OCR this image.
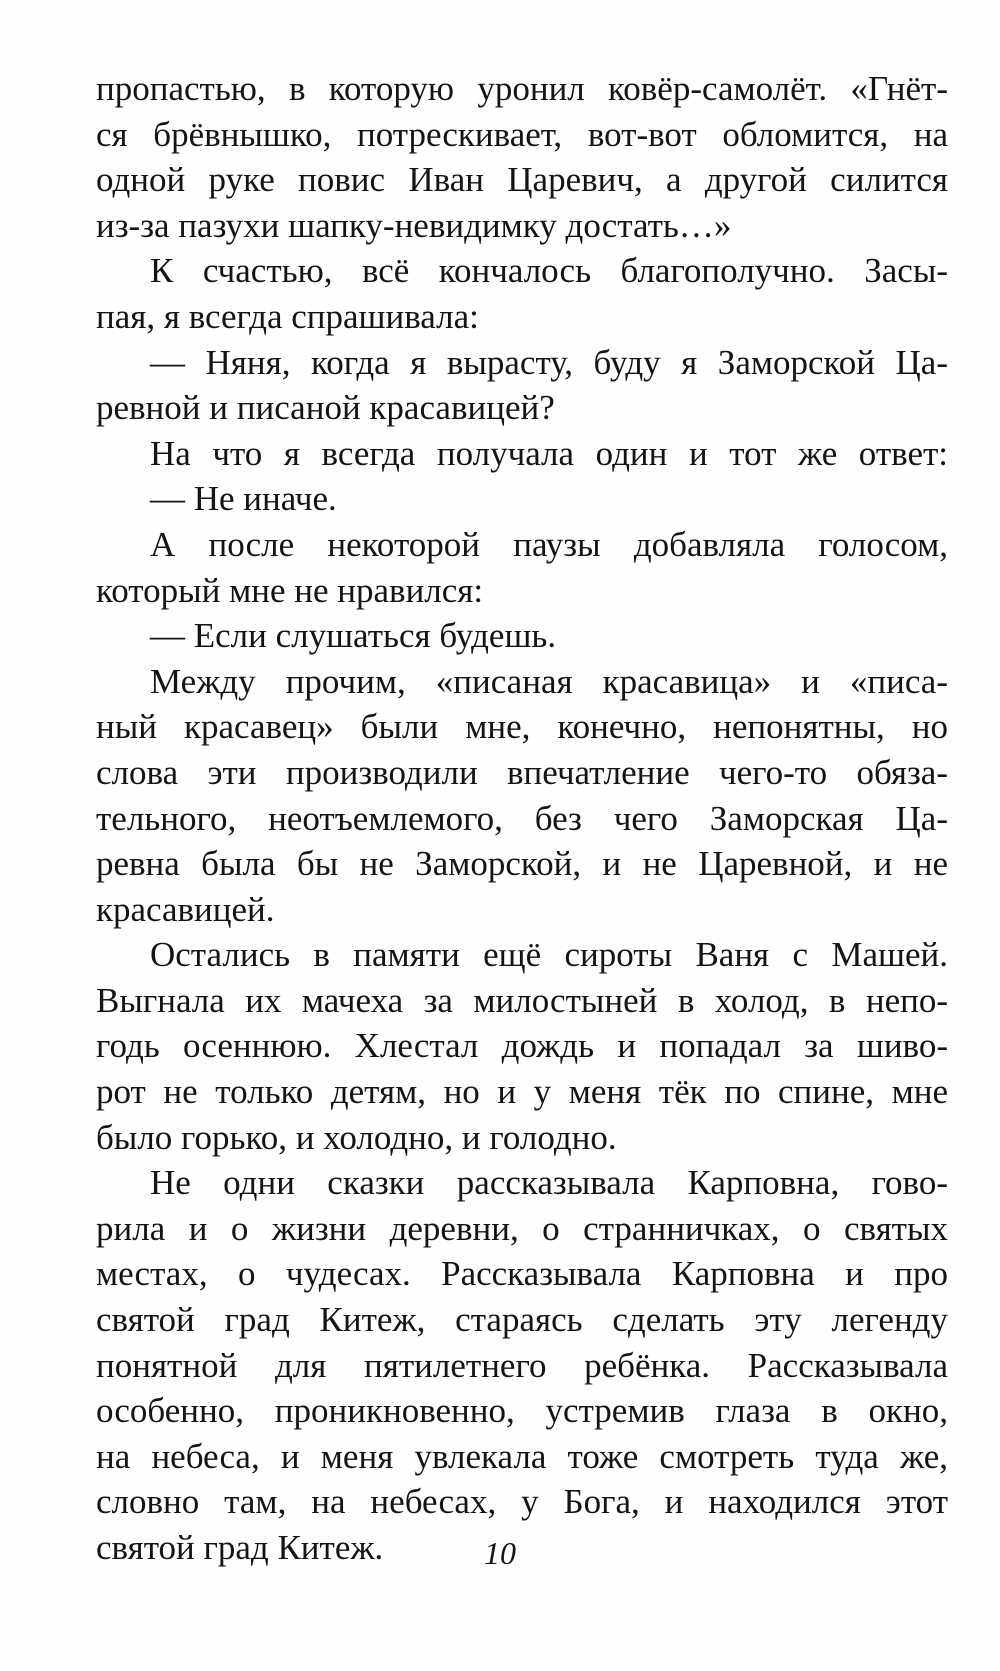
пропастью, в которую уронил ковёр-самолёт. «Гнёт-
ся брёвнышко, потрескивает, вот-вот обломится, на
одной руке повис Иван Царевич, а другой силится
из-за пазухи шапку-невидимку достать…»
К счастью, всё кончалось благополучно. Засы-
пая, я всегда спрашивала:
— Няня, когда я вырасту, буду я Заморской Ца-
ревной и писаной красавицей?
На что я всегда получала один и тот же ответ:
— Не иначе.
А после некоторой паузы добавляла голосом,
который мне не нравился:
— Если слушаться будешь.
Между прочим, «писаная красавица» и «писа-
ный красавец» были мне, конечно, непонятны, но
слова эти производили впечатление чего-то обяза-
тельного, неотъемлемого, без чего Заморская Ца-
ревна была бы не Заморской, и не Царевной, и не
красавицей.
Остались в памяти ещё сироты Ваня с Машей.
Выгнала их мачеха за милостыней в холод, в непо-
годь осеннюю. Хлестал дождь и попадал за шиво-
рот не только детям, но и у меня тёк по спине, мне
было горько, и холодно, и голодно.
Не одни сказки рассказывала Карповна, гово-
рила и о жизни деревни, о странничках, о святых
местах, о чудесах. Рассказывала Карповна и про
святой град Китеж, стараясь сделать эту легенду
понятной для пятилетнего ребёнка. Рассказывала
особенно, проникновенно, устремив глаза в окно,
на небеса, и меня увлекала тоже смотреть туда же,
словно там, на небесах, у Бога, и находился этот
святой град Китеж.	10
